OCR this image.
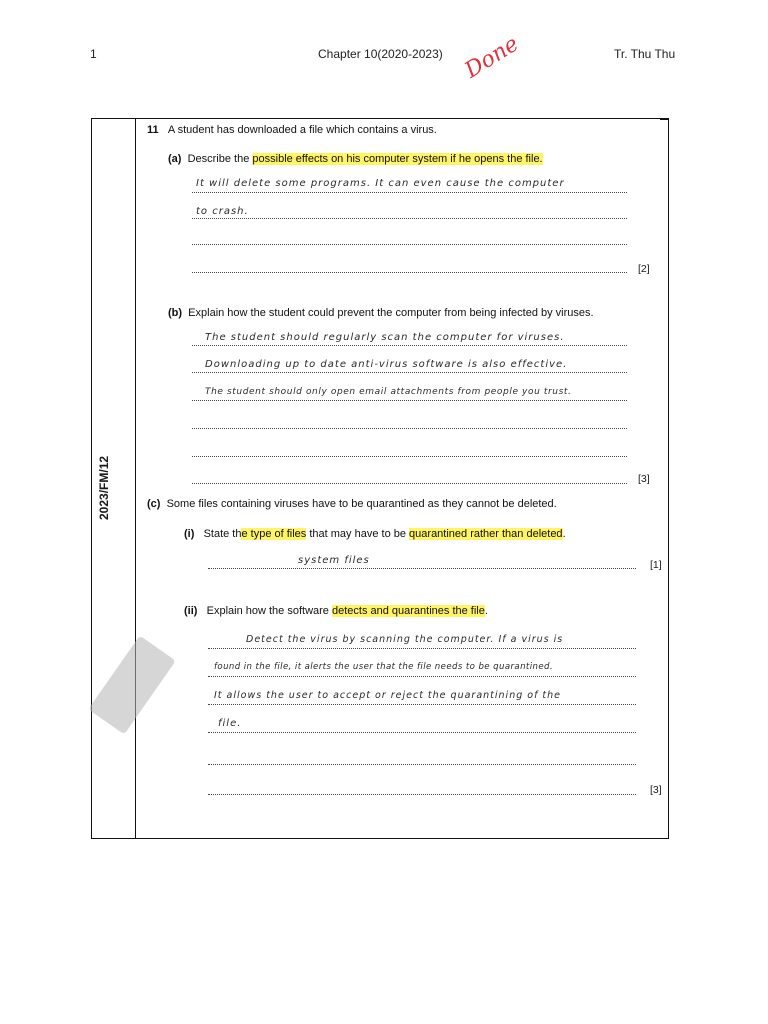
1	Chapter 10(2020-2023)	Tr. Thu Thu
Done
2023/FM/12
11 A student has downloaded a file which contains a virus.
(a) Describe the possible effects on his computer system if he opens the file.
It will delete some programs. It can even cause the computer
to crash.
[2]
(b) Explain how the student could prevent the computer from being infected by viruses.
The student should regularly scan the computer for viruses.
Downloading up to date anti-virus software is also effective.
The student should only open email attachments from people you trust.
[3]
(c) Some files containing viruses have to be quarantined as they cannot be deleted.
(i) State the type of files that may have to be quarantined rather than deleted.
system files	[1]
(ii) Explain how the software detects and quarantines the file.
Detect the virus by scanning the computer. If a virus is
found in the file, it alerts the user that the file needs to be quarantined.
It allows the user to accept or reject the quarantining of the
file.
[3]
